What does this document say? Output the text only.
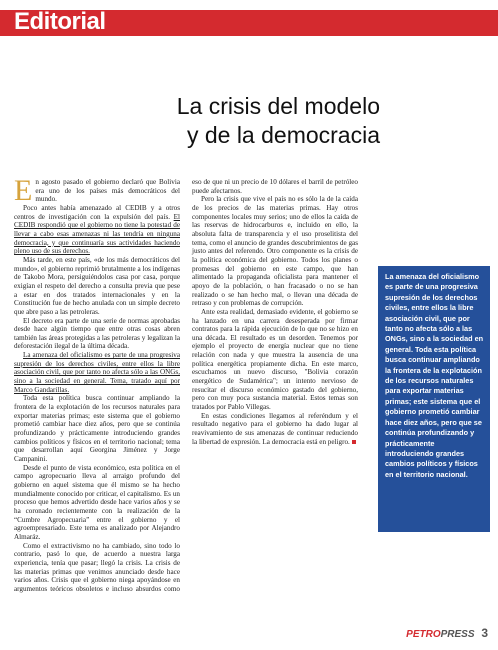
Editorial
La crisis del modelo
y de la democracia

En agosto pasado el gobierno declaró que Bolivia era uno de los países más democráticos del mundo.

Poco antes había amenazado al CEDIB y a otros centros de investigación con la expulsión del país. El CEDIB respondió que el gobierno no tiene la potestad de llevar a cabo esas amenazas ni las tendría en ninguna democracia, y que continuaría sus actividades haciendo pleno uso de sus derechos.

Más tarde, en este país, «de los más democráticos del mundo», el gobierno reprimió brutalmente a los indígenas de Takobo Mora, persiguiéndolos casa por casa, porque exigían el respeto del derecho a consulta previa que pese a estar en dos tratados internacionales y en la Constitución fue de hecho anulada con un simple decreto que abre paso a las petroleras.

El decreto era parte de una serie de normas aprobadas desde hace algún tiempo que entre otras cosas abren también las áreas protegidas a las petroleras y legalizan la deforestación ilegal de la última década.

La amenaza del oficialismo es parte de una progresiva supresión de los derechos civiles, entre ellos la libre asociación civil, que por tanto no afecta sólo a las ONGs, sino a la sociedad en general. Tema, tratado aquí por Marco Gandarillas.

Toda esta política busca continuar ampliando la frontera de la explotación de los recursos naturales para exportar materias primas; este sistema que el gobierno prometió cambiar hace diez años, pero que se continúa profundizando y prácticamente introduciendo grandes cambios políticos y físicos en el territorio nacional; tema que desarrollan aquí Georgina Jiménez y Jorge Campanini.

Desde el punto de vista económico, esta política en el campo agropecuario lleva al arraigo profundo del gobierno en aquel sistema que él mismo se ha hecho mundialmente conocido por criticar, el capitalismo. Es un proceso que hemos advertido desde hace varios años y se ha coronado recientemente con la realización de la “Cumbre Agropecuaria” entre el gobierno y el agroempresariado. Este tema es analizado por Alejandro Almaráz.

Como el extractivismo no ha cambiado, sino todo lo contrario, pasó lo que, de acuerdo a nuestra larga experiencia, tenía que pasar; llegó la crisis. La crisis de las materias primas que venimos anunciado desde hace varios años. Crisis que el gobierno niega apoyándose en argumentos teóricos obsoletos e incluso absurdos como eso de que ni un precio de 10 dólares el barril de petróleo puede afectarnos.

Pero la crisis que vive el país no es sólo la de la caída de los precios de las materias primas. Hay otros componentes locales muy serios; uno de ellos la caída de las reservas de hidrocarburos e, incluido en ello, la absoluta falta de transparencia y el uso proselitista del tema, como el anuncio de grandes descubrimientos de gas justo antes del referendo. Otro componente es la crisis de la política económica del gobierno. Todos los planes o promesas del gobierno en este campo, que han alimentado la propaganda oficialista para mantener el apoyo de la población, o han fracasado o no se han realizado o se han hecho mal, o llevan una década de retraso y con problemas de corrupción.

Ante esta realidad, demasiado evidente, el gobierno se ha lanzado en una carrera desesperada por firmar contratos para la rápida ejecución de lo que no se hizo en una década. El resultado es un desorden. Tenemos por ejemplo el proyecto de energía nuclear que no tiene relación con nada y que muestra la ausencia de una política energética propiamente dicha. En este marco, escuchamos un nuevo discurso, "Bolivia corazón energético de Sudamérica"; un intento nervioso de resucitar el discurso económico gastado del gobierno, pero con muy poca sustancia material. Estos temas son tratados por Pablo Villegas.

En estas condiciones llegamos al referéndum y el resultado negativo para el gobierno ha dado lugar al reavivamiento de sus amenazas de continuar reduciendo la libertad de expresión. La democracia está en peligro.

La amenaza del oficialismo es parte de una progresiva supresión de los derechos civiles, entre ellos la libre asociación civil, que por tanto no afecta sólo a las ONGs, sino a la sociedad en general. Toda esta política busca continuar ampliando la frontera de la explotación de los recursos naturales para exportar materias primas; este sistema que el gobierno prometió cambiar hace diez años, pero que se continúa profundizando y prácticamente introduciendo grandes cambios políticos y físicos en el territorio nacional.
PETROPRESS 3
